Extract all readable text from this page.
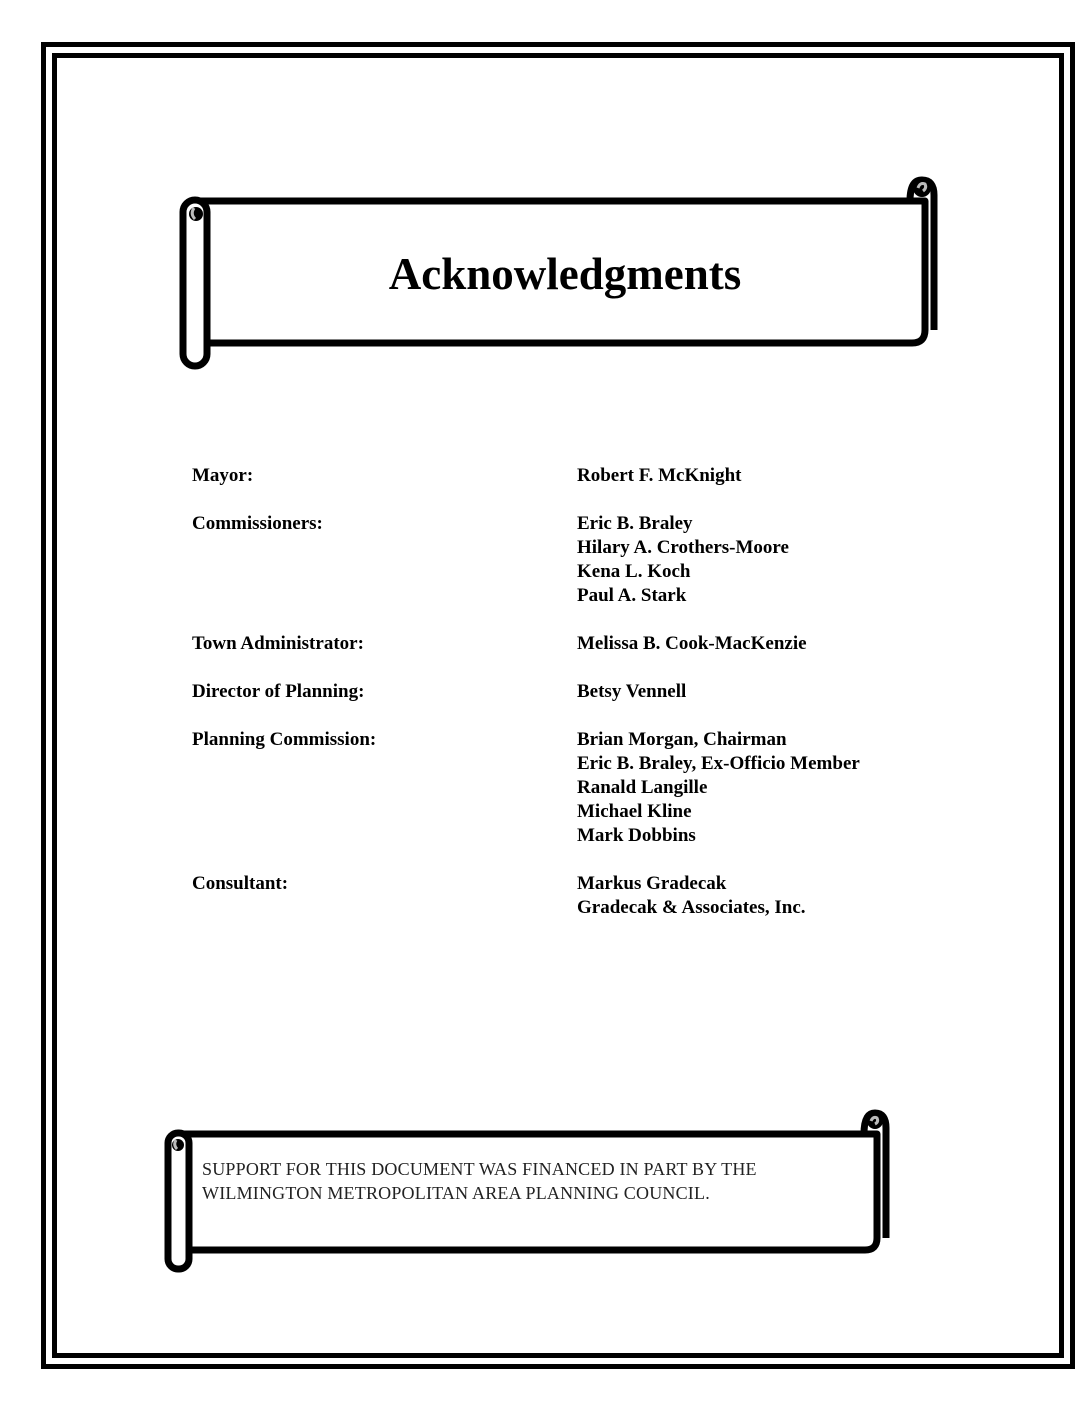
Acknowledgments
Mayor:	Robert F. McKnight
Commissioners:	Eric B. Braley
Hilary A. Crothers-Moore
Kena L. Koch
Paul A. Stark
Town Administrator:	Melissa B. Cook-MacKenzie
Director of Planning:	Betsy Vennell
Planning Commission:	Brian Morgan, Chairman
Eric B. Braley, Ex-Officio Member
Ranald Langille
Michael Kline
Mark Dobbins
Consultant:	Markus Gradecak
Gradecak & Associates, Inc.
SUPPORT FOR THIS DOCUMENT WAS FINANCED IN PART BY THE
WILMINGTON METROPOLITAN AREA PLANNING COUNCIL.
